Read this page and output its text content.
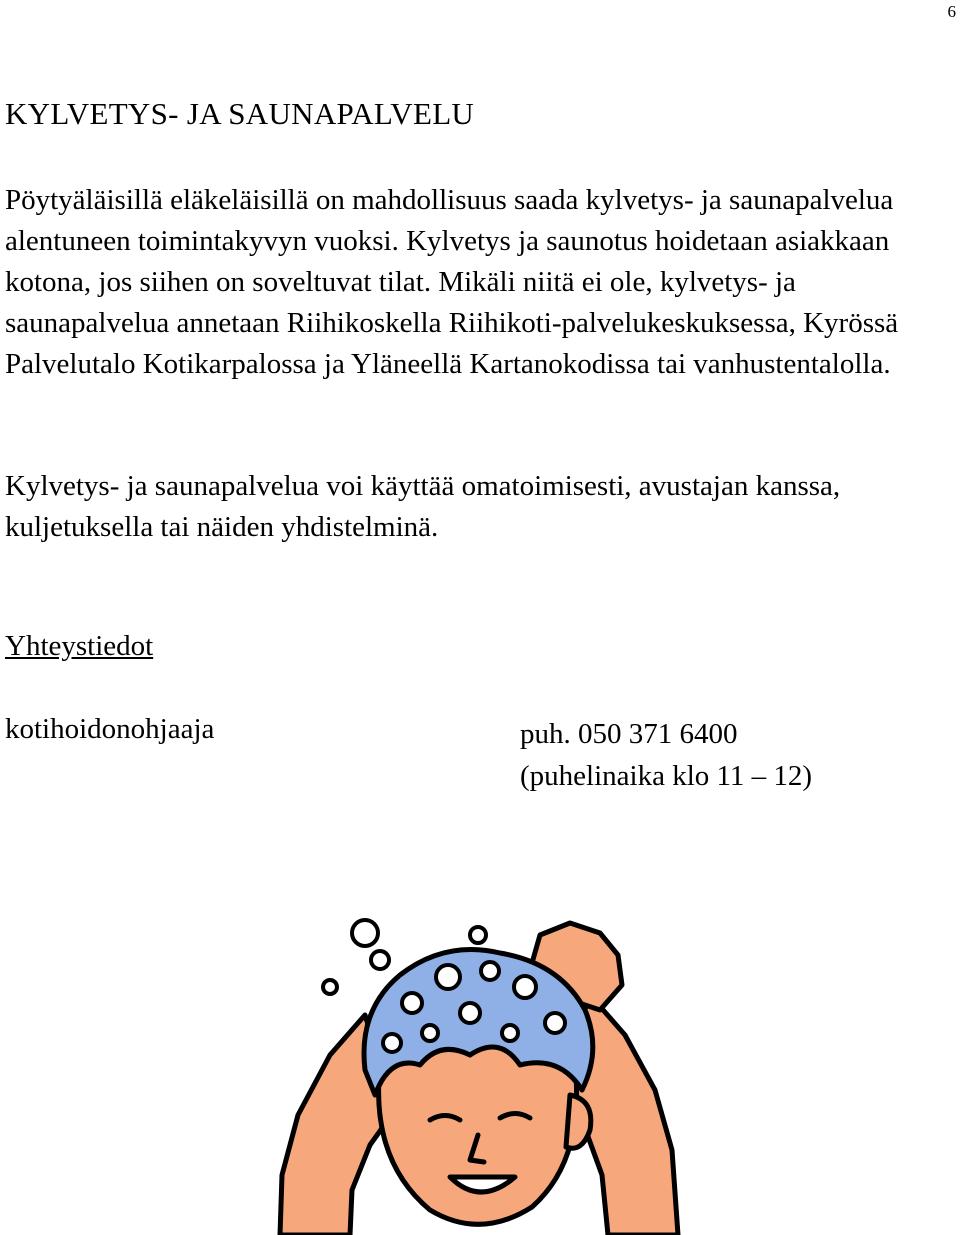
6
KYLVETYS- JA SAUNAPALVELU

Pöytyäläisillä eläkeläisillä on mahdollisuus saada kylvetys- ja saunapalvelua alentuneen toimintakyvyn vuoksi. Kylvetys ja saunotus hoidetaan asiakkaan kotona, jos siihen on soveltuvat tilat. Mikäli niitä ei ole, kylvetys- ja saunapalvelua annetaan Riihikoskella Riihikoti-palvelukeskuksessa, Kyrössä Palvelutalo Kotikarpalossa ja Yläneellä Kartanokodissa tai vanhustentalolla.

Kylvetys- ja saunapalvelua voi käyttää omatoimisesti, avustajan kanssa, kuljetuksella tai näiden yhdistelminä.

Yhteystiedot
kotihoidonohjaaja	puh. 050 371 6400
(puhelinaika klo 11 – 12)
